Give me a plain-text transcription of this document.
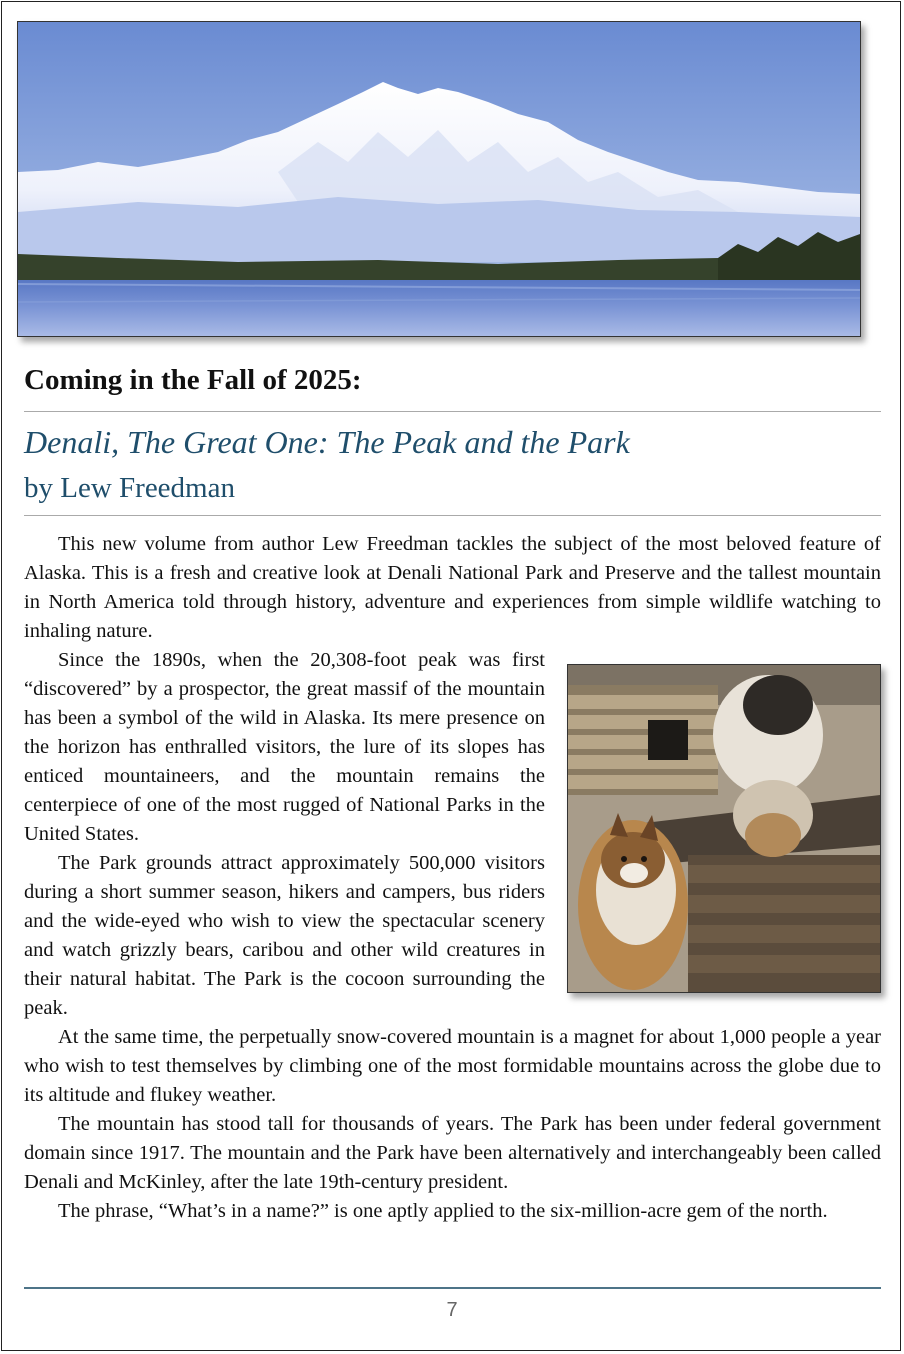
Coming in the Fall of 2025:
Denali, The Great One: The Peak and the Park
by Lew Freedman

This new volume from author Lew Freedman tackles the subject of the most beloved feature of Alaska. This is a fresh and creative look at Denali National Park and Preserve and the tallest mountain in North America told through history, adventure and experiences from simple wildlife watching to inhaling nature.

Since the 1890s, when the 20,308-foot peak was first “discovered” by a prospector, the great massif of the mountain has been a symbol of the wild in Alaska. Its mere presence on the horizon has enthralled visitors, the lure of its slopes has enticed mountaineers, and the mountain remains the centerpiece of one of the most rugged of National Parks in the United States.

The Park grounds attract approximately 500,000 visitors during a short summer season, hikers and campers, bus riders and the wide-eyed who wish to view the spectacular scenery and watch grizzly bears, caribou and other wild creatures in their natural habitat. The Park is the cocoon surrounding the peak.

At the same time, the perpetually snow-covered mountain is a magnet for about 1,000 people a year who wish to test themselves by climbing one of the most formidable mountains across the globe due to its altitude and flukey weather.

The mountain has stood tall for thousands of years. The Park has been under federal government domain since 1917. The mountain and the Park have been alternatively and interchangeably been called Denali and McKinley, after the late 19th-century president.

The phrase, “What’s in a name?” is one aptly applied to the six-million-acre gem of the north.

7
